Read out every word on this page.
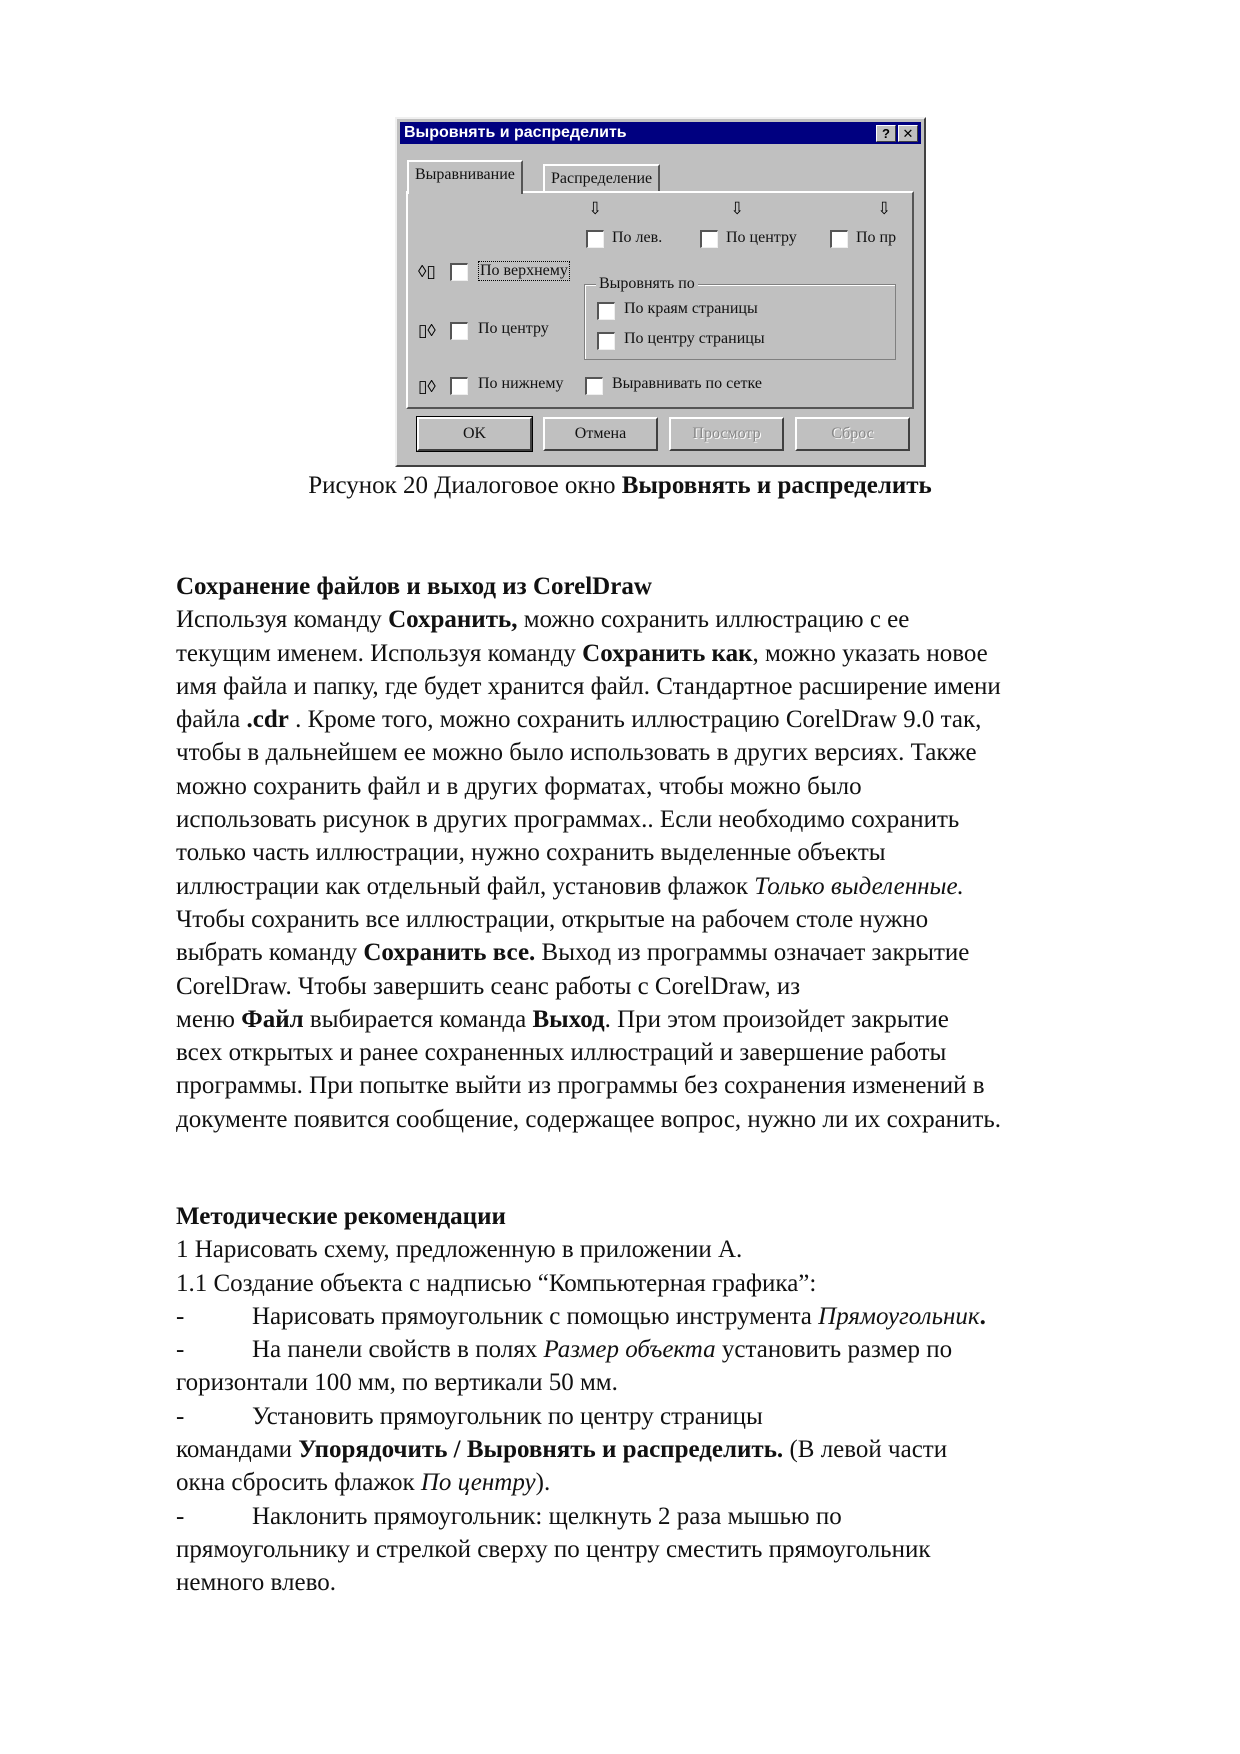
Выровнять и распределить	? ✕
Выравнивание	Распределение
⇩	⇩	⇩
По лев.	По центру	По пр
◊▯	По верхнему
▯◊	По центру
▯◊	По нижнему
Выровнять по
По краям страницы
По центру страницы
Выравнивать по сетке
OK	Отмена	Просмотр	Сброс
Рисунок 20 Диалоговое окно Выровнять и распределить
Сохранение файлов и выход из CorelDraw
Используя команду Сохранить, можно сохранить иллюстрацию с ее
текущим именем. Используя команду Сохранить как, можно указать новое
имя файла и папку, где будет хранится файл. Стандартное расширение имени
файла .cdr . Кроме того, можно сохранить иллюстрацию CorelDraw 9.0 так,
чтобы в дальнейшем ее можно было использовать в других версиях. Также
можно сохранить файл и в других форматах, чтобы можно было
использовать рисунок в других программах.. Если необходимо сохранить
только часть иллюстрации, нужно сохранить выделенные объекты
иллюстрации как отдельный файл, установив флажок Только выделенные.
Чтобы сохранить все иллюстрации, открытые на рабочем столе нужно
выбрать команду Сохранить все. Выход из программы означает закрытие
CorelDraw. Чтобы завершить сеанс работы с CorelDraw, из
меню Файл выбирается команда Выход. При этом произойдет закрытие
всех открытых и ранее сохраненных иллюстраций и завершение работы
программы. При попытке выйти из программы без сохранения изменений в
документе появится сообщение, содержащее вопрос, нужно ли их сохранить.
Методические рекомендации
1 Нарисовать схему, предложенную в приложении А.
1.1 Создание объекта с надписью “Компьютерная графика”:
-	Нарисовать прямоугольник с помощью инструмента Прямоугольник.
-	На панели свойств в полях Размер объекта установить размер по
горизонтали 100 мм, по вертикали 50 мм.
-	Установить прямоугольник по центру страницы
командами Упорядочить / Выровнять и распределить. (В левой части
окна сбросить флажок По центру).
-	Наклонить прямоугольник: щелкнуть 2 раза мышью по
прямоугольнику и стрелкой сверху по центру сместить прямоугольник
немного влево.
